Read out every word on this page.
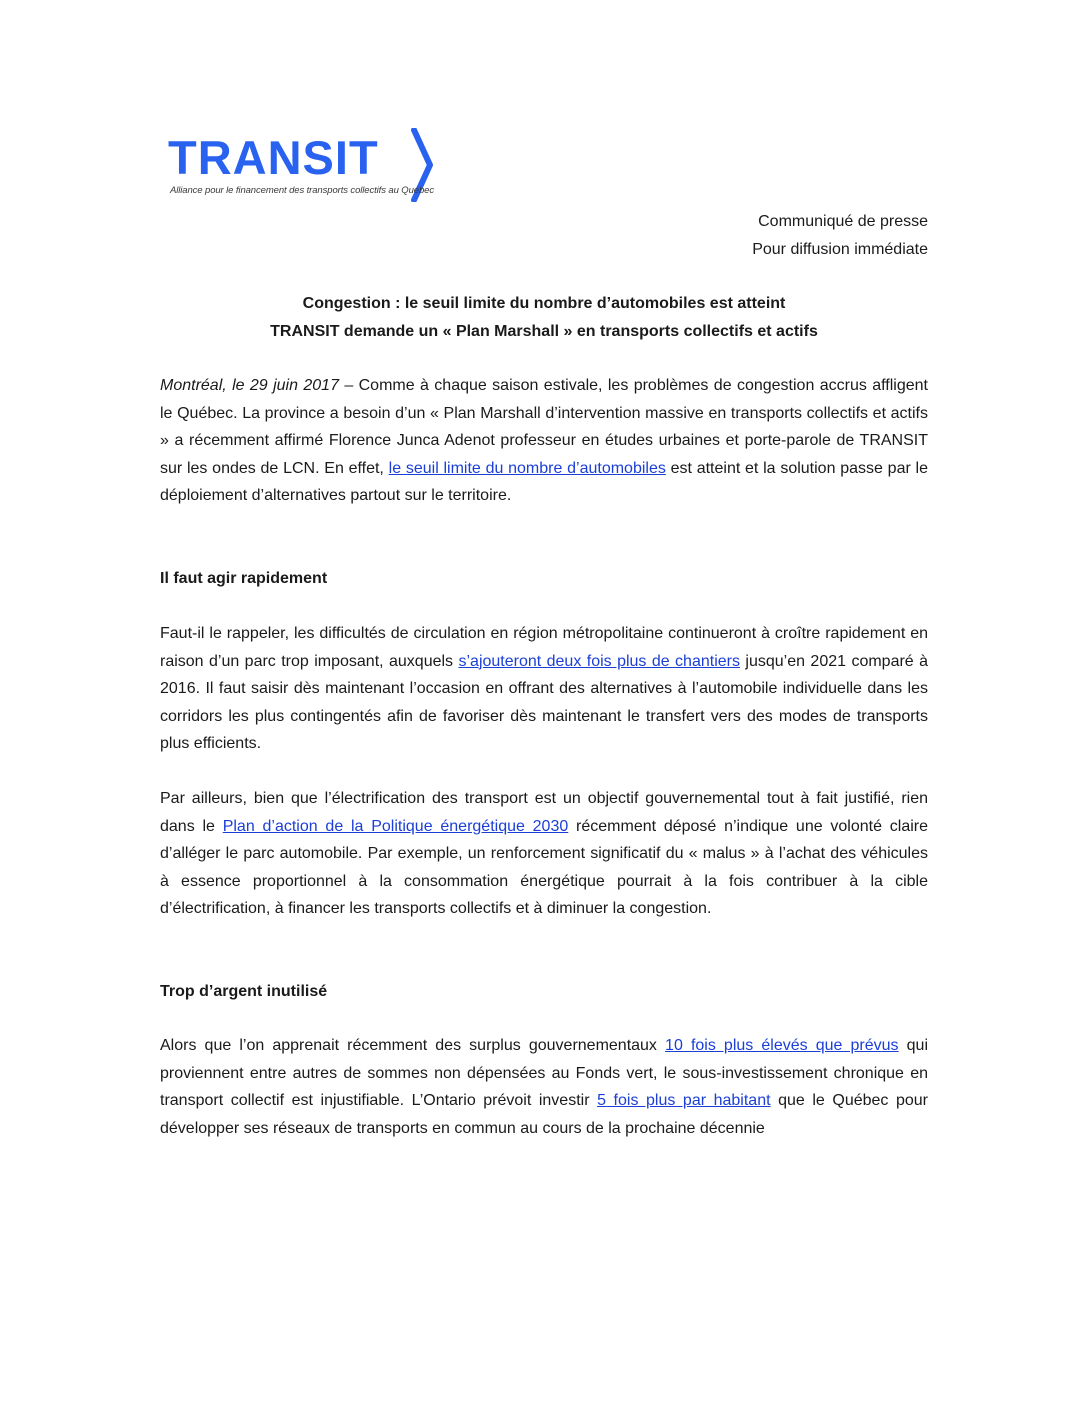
TRANSIT
Alliance pour le financement des transports collectifs au Québec
Communiqué de presse
Pour diffusion immédiate
Congestion : le seuil limite du nombre d’automobiles est atteint
TRANSIT demande un « Plan Marshall » en transports collectifs et actifs
Montréal, le 29 juin 2017 – Comme à chaque saison estivale, les problèmes de congestion accrus affligent le Québec. La province a besoin d’un « Plan Marshall d’intervention massive en transports collectifs et actifs » a récemment affirmé Florence Junca Adenot professeur en études urbaines et porte-parole de TRANSIT sur les ondes de LCN. En effet, le seuil limite du nombre d’automobiles est atteint et la solution passe par le déploiement d’alternatives partout sur le territoire.
Il faut agir rapidement
Faut-il le rappeler, les difficultés de circulation en région métropolitaine continueront à croître rapidement en raison d’un parc trop imposant, auxquels s’ajouteront deux fois plus de chantiers jusqu’en 2021 comparé à 2016. Il faut saisir dès maintenant l’occasion en offrant des alternatives à l’automobile individuelle dans les corridors les plus contingentés afin de favoriser dès maintenant le transfert vers des modes de transports plus efficients.
Par ailleurs, bien que l’électrification des transport est un objectif gouvernemental tout à fait justifié, rien dans le Plan d’action de la Politique énergétique 2030 récemment déposé n’indique une volonté claire d’alléger le parc automobile. Par exemple, un renforcement significatif du « malus » à l’achat des véhicules à essence proportionnel à la consommation énergétique pourrait à la fois contribuer à la cible d’électrification, à financer les transports collectifs et à diminuer la congestion.
Trop d’argent inutilisé
Alors que l’on apprenait récemment des surplus gouvernementaux 10 fois plus élevés que prévus qui proviennent entre autres de sommes non dépensées au Fonds vert, le sous-investissement chronique en transport collectif est injustifiable. L’Ontario prévoit investir 5 fois plus par habitant que le Québec pour développer ses réseaux de transports en commun au cours de la prochaine décennie
